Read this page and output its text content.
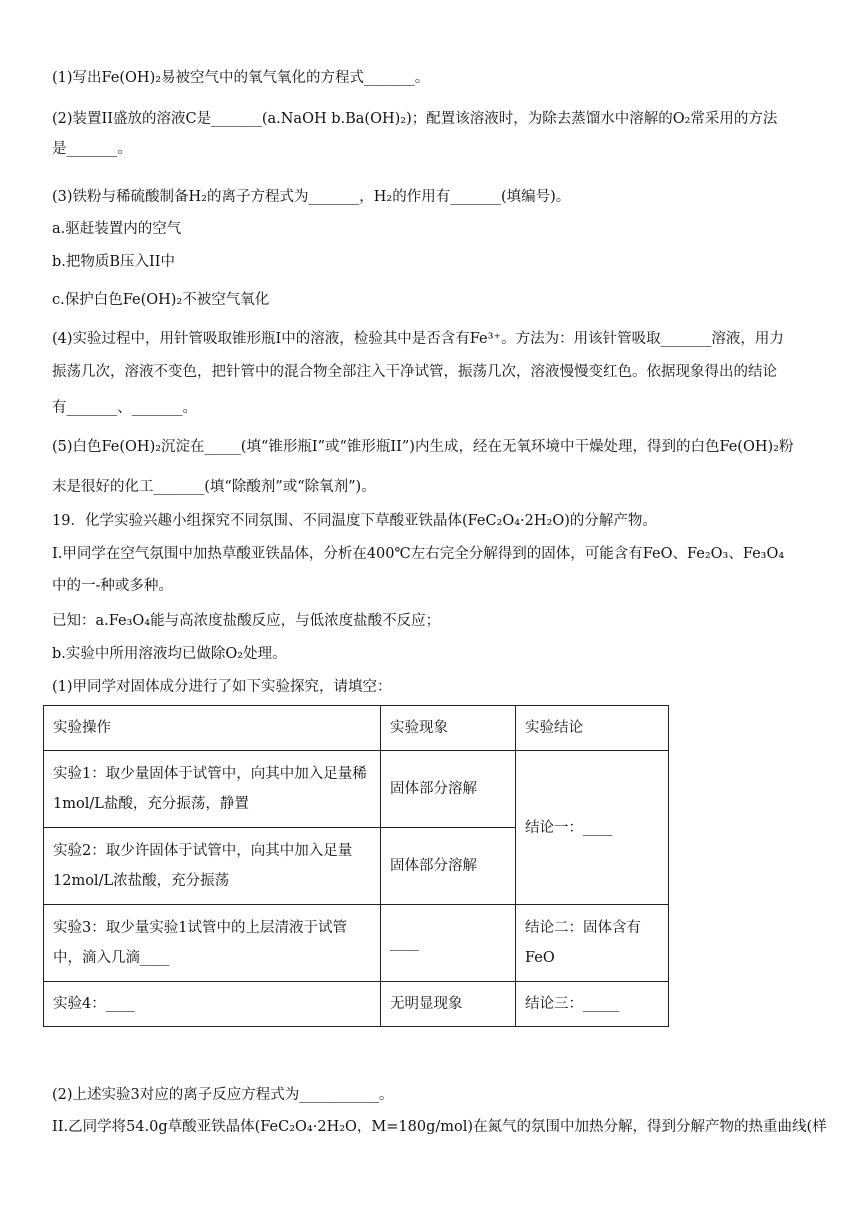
(1)写出Fe(OH)₂易被空气中的氧气氧化的方程式_______。
(2)装置II盛放的溶液C是_______(a.NaOH b.Ba(OH)₂)；配置该溶液时，为除去蒸馏水中溶解的O₂常采用的方法
是_______。
(3)铁粉与稀硫酸制备H₂的离子方程式为_______，H₂的作用有_______(填编号)。
a.驱赶装置内的空气
b.把物质B压入II中
c.保护白色Fe(OH)₂不被空气氧化
(4)实验过程中，用针管吸取锥形瓶I中的溶液，检验其中是否含有Fe³⁺。方法为：用该针管吸取_______溶液，用力
振荡几次，溶液不变色，把针管中的混合物全部注入干净试管，振荡几次，溶液慢慢变红色。依据现象得出的结论
有_______、_______。
(5)白色Fe(OH)₂沉淀在_____(填“锥形瓶I”或“锥形瓶II”)内生成，经在无氧环境中干燥处理，得到的白色Fe(OH)₂粉
末是很好的化工_______(填“除酸剂”或“除氧剂”)。
19．化学实验兴趣小组探究不同氛围、不同温度下草酸亚铁晶体(FeC₂O₄·2H₂O)的分解产物。
I.甲同学在空气氛围中加热草酸亚铁晶体，分析在400℃左右完全分解得到的固体，可能含有FeO、Fe₂O₃、Fe₃O₄
中的一-种或多种。
已知：a.Fe₃O₄能与高浓度盐酸反应，与低浓度盐酸不反应；
b.实验中所用溶液均已做除O₂处理。
(1)甲同学对固体成分进行了如下实验探究，请填空：
实验操作	实验现象	实验结论
实验1：取少量固体于试管中，向其中加入足量稀1mol/L盐酸，充分振荡，静置	固体部分溶解	结论一：____
实验2：取少许固体于试管中，向其中加入足量12mol/L浓盐酸，充分振荡	固体部分溶解	
实验3：取少量实验1试管中的上层清液于试管中，滴入几滴____	____	结论二：固体含有FeO
实验4：____	无明显现象	结论三：_____
(2)上述实验3对应的离子反应方程式为___________。
II.乙同学将54.0g草酸亚铁晶体(FeC₂O₄·2H₂O，M=180g/mol)在氮气的氛围中加热分解，得到分解产物的热重曲线(样
